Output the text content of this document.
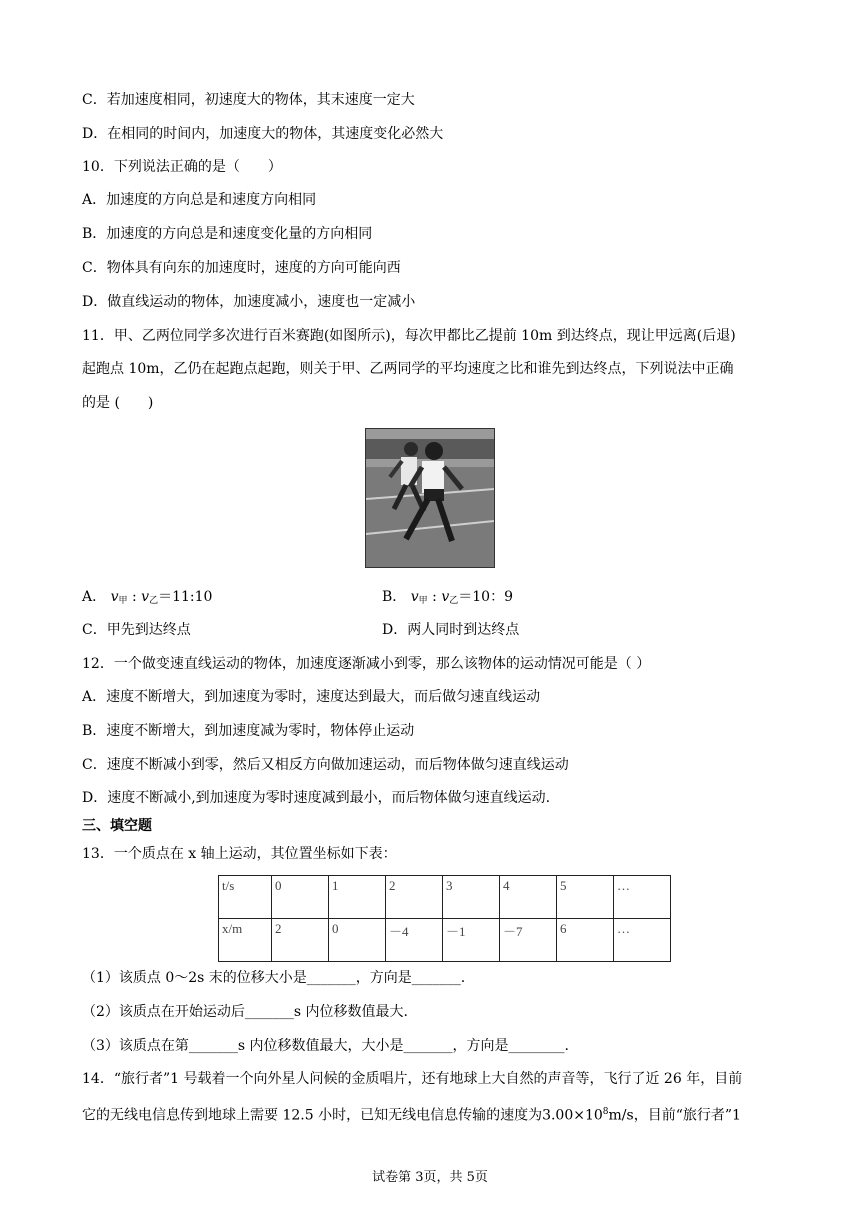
C．若加速度相同，初速度大的物体，其末速度一定大
D．在相同的时间内，加速度大的物体，其速度变化必然大
10．下列说法正确的是（　　）
A．加速度的方向总是和速度方向相同
B．加速度的方向总是和速度变化量的方向相同
C．物体具有向东的加速度时，速度的方向可能向西
D．做直线运动的物体，加速度减小，速度也一定减小
11．甲、乙两位同学多次进行百米赛跑(如图所示)，每次甲都比乙提前 10m 到达终点，现让甲远离(后退)
起跑点 10m，乙仍在起跑点起跑，则关于甲、乙两同学的平均速度之比和谁先到达终点，下列说法中正确
的是 (　　)
A． $v_甲$ : $v_乙=11:10$	B． $v_甲$ : $v_乙=10$：9
C．甲先到达终点	D．两人同时到达终点
12．一个做变速直线运动的物体，加速度逐渐减小到零，那么该物体的运动情况可能是（ ）
A．速度不断增大，到加速度为零时，速度达到最大，而后做匀速直线运动
B．速度不断增大，到加速度减为零时，物体停止运动
C．速度不断减小到零，然后又相反方向做加速运动，而后物体做匀速直线运动
D．速度不断减小,到加速度为零时速度减到最小，而后物体做匀速直线运动.
三、填空题
13．一个质点在 x 轴上运动，其位置坐标如下表：
t/s	0	1	2	3	4	5	…
x/m	2	0	－4	－1	－7	6	…
（1）该质点 0～2s 末的位移大小是_______，方向是_______.
（2）该质点在开始运动后_______s 内位移数值最大.
（3）该质点在第_______s 内位移数值最大，大小是_______，方向是________.
14．“旅行者”1 号载着一个向外星人问候的金质唱片，还有地球上大自然的声音等，飞行了近 26 年，目前
它的无线电信息传到地球上需要 12.5 小时，已知无线电信息传输的速度为$3.00\times 10^8m/s$，目前“旅行者”1
试卷第 3页，共 5页
